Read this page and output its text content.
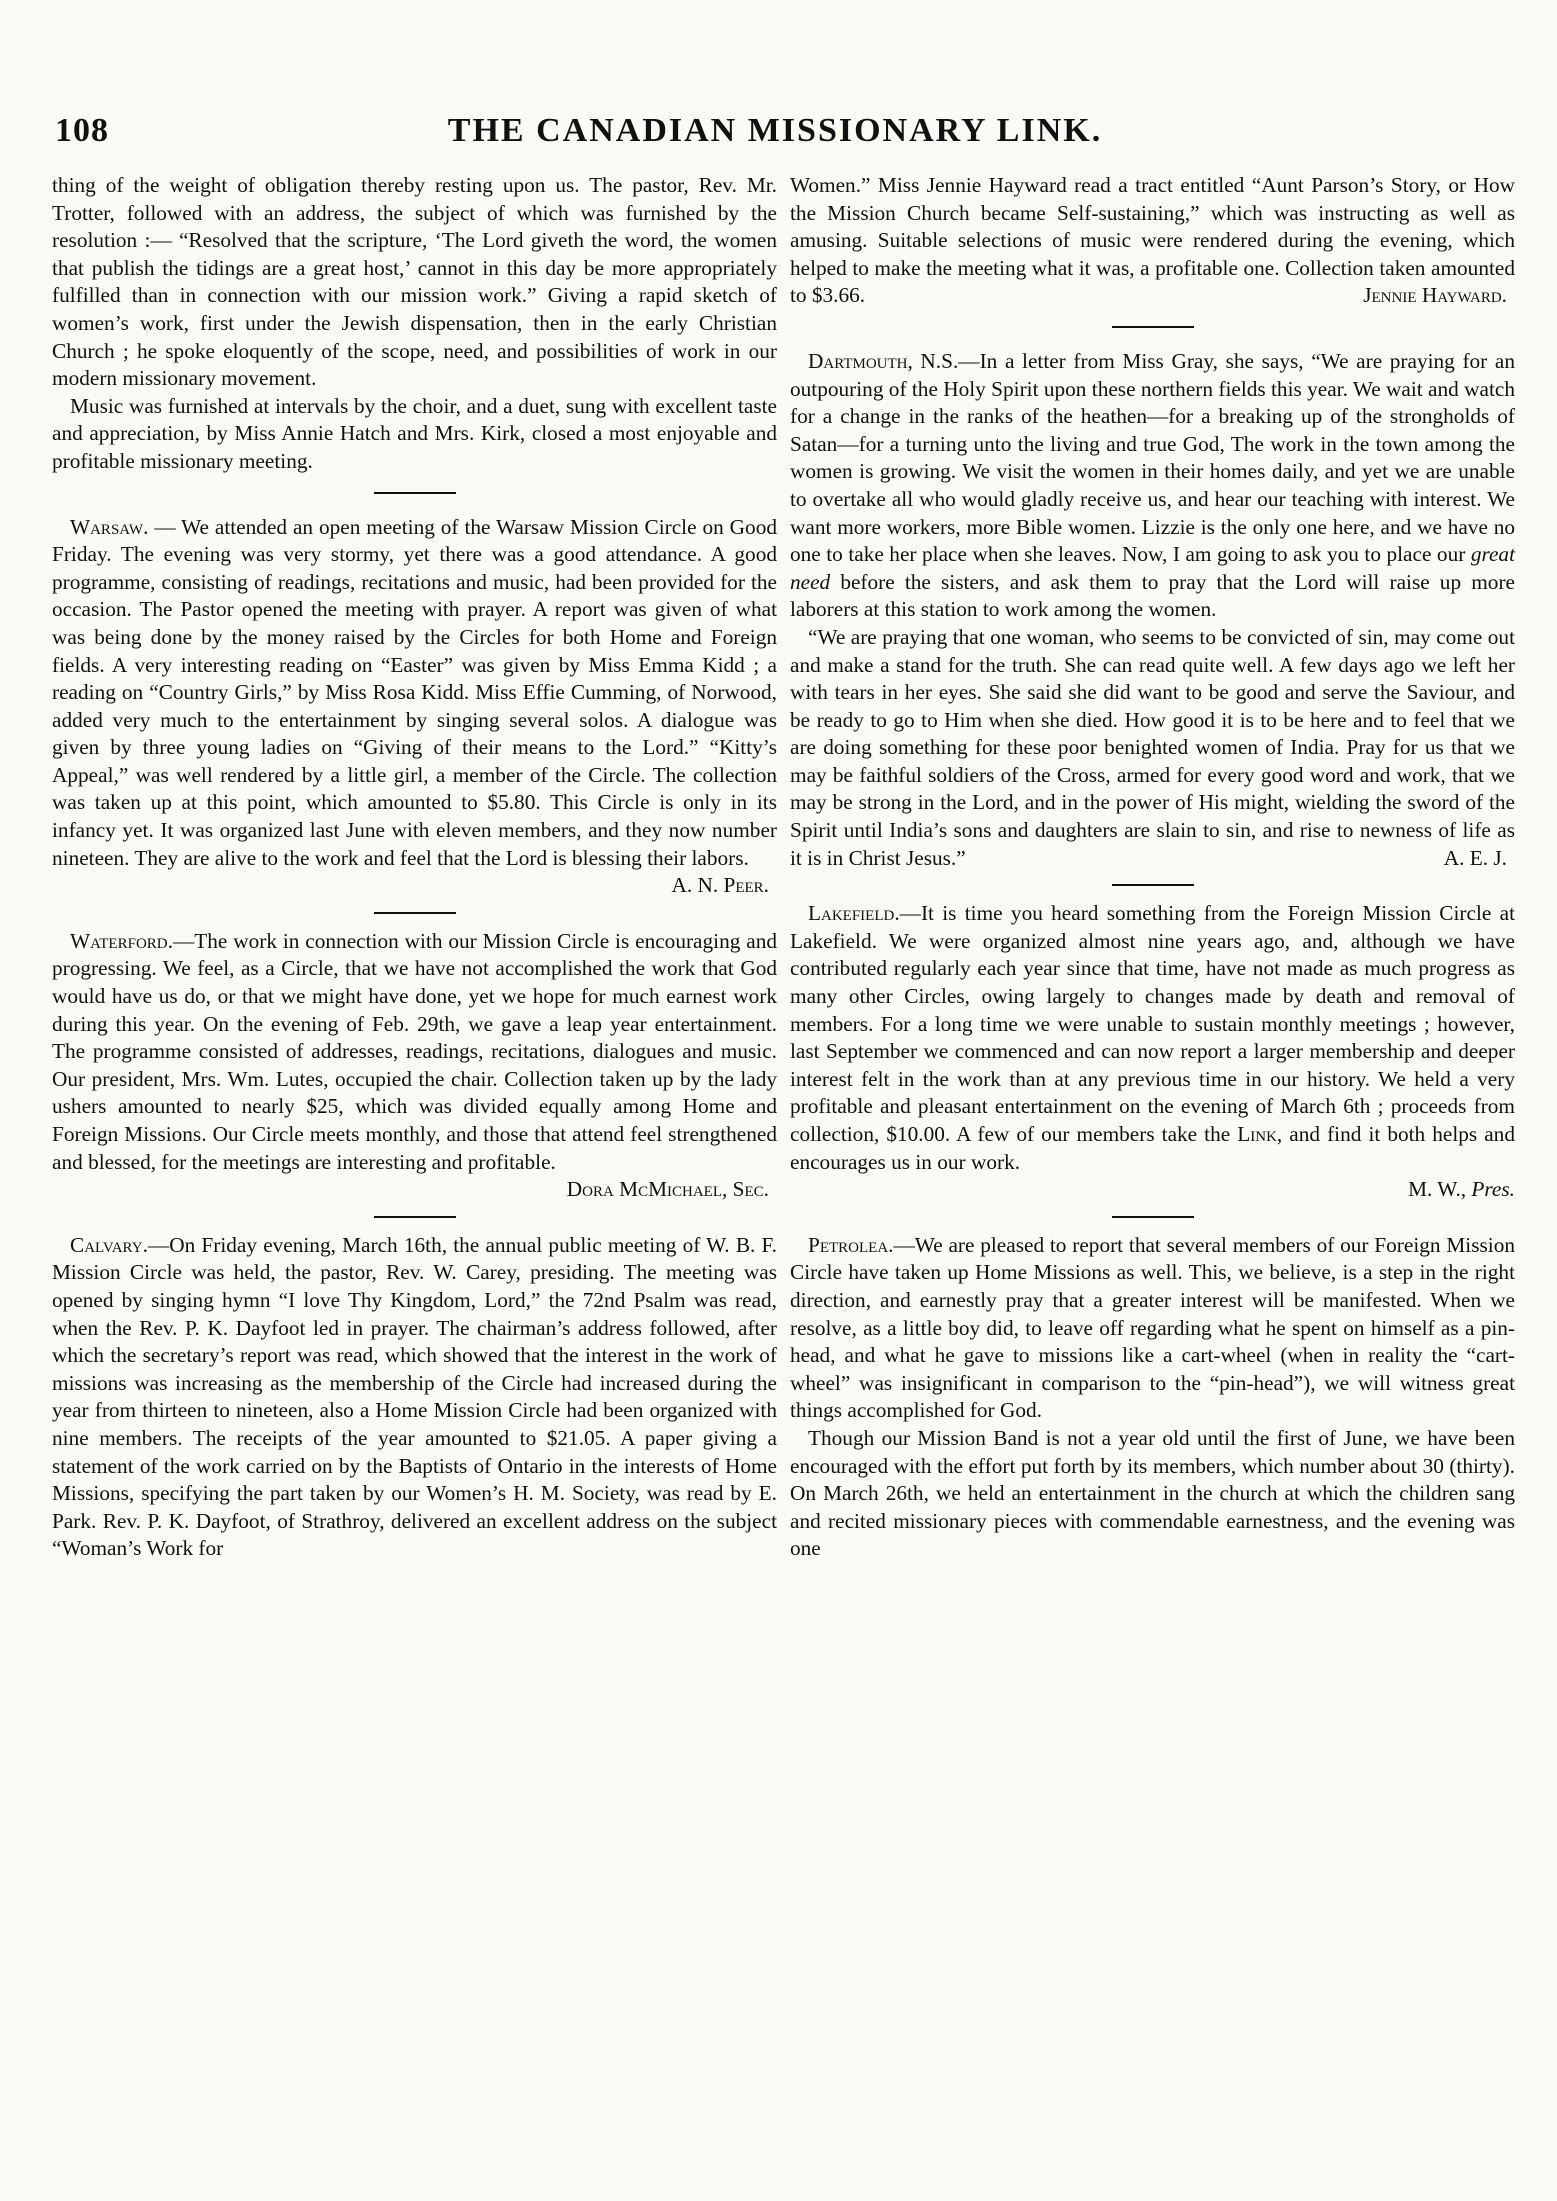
108	THE CANADIAN MISSIONARY LINK.

thing of the weight of obligation thereby resting upon us. The pastor, Rev. Mr. Trotter, followed with an address, the subject of which was furnished by the resolution :— “Resolved that the scripture, ‘The Lord giveth the word, the women that publish the tidings are a great host,’ cannot in this day be more appropriately fulfilled than in connection with our mission work.” Giving a rapid sketch of women’s work, first under the Jewish dispensation, then in the early Christian Church ; he spoke eloquently of the scope, need, and possibilities of work in our modern missionary movement.

Music was furnished at intervals by the choir, and a duet, sung with excellent taste and appreciation, by Miss Annie Hatch and Mrs. Kirk, closed a most enjoyable and profitable missionary meeting.

Warsaw. — We attended an open meeting of the Warsaw Mission Circle on Good Friday. The evening was very stormy, yet there was a good attendance. A good programme, consisting of readings, recitations and music, had been provided for the occasion. The Pastor opened the meeting with prayer. A report was given of what was being done by the money raised by the Circles for both Home and Foreign fields. A very interesting reading on “Easter” was given by Miss Emma Kidd ; a reading on “Country Girls,” by Miss Rosa Kidd. Miss Effie Cumming, of Norwood, added very much to the entertainment by singing several solos. A dialogue was given by three young ladies on “Giving of their means to the Lord.” “Kitty’s Appeal,” was well rendered by a little girl, a member of the Circle. The collection was taken up at this point, which amounted to $5.80. This Circle is only in its infancy yet. It was organized last June with eleven members, and they now number nineteen. They are alive to the work and feel that the Lord is blessing their labors.
A. N. Peer.

Waterford.—The work in connection with our Mission Circle is encouraging and progressing. We feel, as a Circle, that we have not accomplished the work that God would have us do, or that we might have done, yet we hope for much earnest work during this year. On the evening of Feb. 29th, we gave a leap year entertainment. The programme consisted of addresses, readings, recitations, dialogues and music. Our president, Mrs. Wm. Lutes, occupied the chair. Collection taken up by the lady ushers amounted to nearly $25, which was divided equally among Home and Foreign Missions. Our Circle meets monthly, and those that attend feel strengthened and blessed, for the meetings are interesting and profitable.
Dora McMichael, Sec.

Calvary.—On Friday evening, March 16th, the annual public meeting of W. B. F. Mission Circle was held, the pastor, Rev. W. Carey, presiding. The meeting was opened by singing hymn “I love Thy Kingdom, Lord,” the 72nd Psalm was read, when the Rev. P. K. Dayfoot led in prayer. The chairman’s address followed, after which the secretary’s report was read, which showed that the interest in the work of missions was increasing as the membership of the Circle had increased during the year from thirteen to nineteen, also a Home Mission Circle had been organized with nine members. The receipts of the year amounted to $21.05. A paper giving a statement of the work carried on by the Baptists of Ontario in the interests of Home Missions, specifying the part taken by our Women’s H. M. Society, was read by E. Park. Rev. P. K. Dayfoot, of Strathroy, delivered an excellent address on the subject “Woman’s Work for

Women.” Miss Jennie Hayward read a tract entitled “Aunt Parson’s Story, or How the Mission Church became Self-sustaining,” which was instructing as well as amusing. Suitable selections of music were rendered during the evening, which helped to make the meeting what it was, a profitable one. Collection taken amounted to $3.66.	Jennie Hayward.

Dartmouth, N.S.—In a letter from Miss Gray, she says, “We are praying for an outpouring of the Holy Spirit upon these northern fields this year. We wait and watch for a change in the ranks of the heathen—for a breaking up of the strongholds of Satan—for a turning unto the living and true God, The work in the town among the women is growing. We visit the women in their homes daily, and yet we are unable to overtake all who would gladly receive us, and hear our teaching with interest. We want more workers, more Bible women. Lizzie is the only one here, and we have no one to take her place when she leaves. Now, I am going to ask you to place our great need before the sisters, and ask them to pray that the Lord will raise up more laborers at this station to work among the women.

“We are praying that one woman, who seems to be convicted of sin, may come out and make a stand for the truth. She can read quite well. A few days ago we left her with tears in her eyes. She said she did want to be good and serve the Saviour, and be ready to go to Him when she died. How good it is to be here and to feel that we are doing something for these poor benighted women of India. Pray for us that we may be faithful soldiers of the Cross, armed for every good word and work, that we may be strong in the Lord, and in the power of His might, wielding the sword of the Spirit until India’s sons and daughters are slain to sin, and rise to newness of life as it is in Christ Jesus.”	A. E. J.

Lakefield.—It is time you heard something from the Foreign Mission Circle at Lakefield. We were organized almost nine years ago, and, although we have contributed regularly each year since that time, have not made as much progress as many other Circles, owing largely to changes made by death and removal of members. For a long time we were unable to sustain monthly meetings ; however, last September we commenced and can now report a larger membership and deeper interest felt in the work than at any previous time in our history. We held a very profitable and pleasant entertainment on the evening of March 6th ; proceeds from collection, $10.00. A few of our members take the Link, and find it both helps and encourages us in our work.

M. W., Pres.

Petrolea.—We are pleased to report that several members of our Foreign Mission Circle have taken up Home Missions as well. This, we believe, is a step in the right direction, and earnestly pray that a greater interest will be manifested. When we resolve, as a little boy did, to leave off regarding what he spent on himself as a pin-head, and what he gave to missions like a cart-wheel (when in reality the “cart-wheel” was insignificant in comparison to the “pin-head”), we will witness great things accomplished for God.

Though our Mission Band is not a year old until the first of June, we have been encouraged with the effort put forth by its members, which number about 30 (thirty). On March 26th, we held an entertainment in the church at which the children sang and recited missionary pieces with commendable earnestness, and the evening was one
